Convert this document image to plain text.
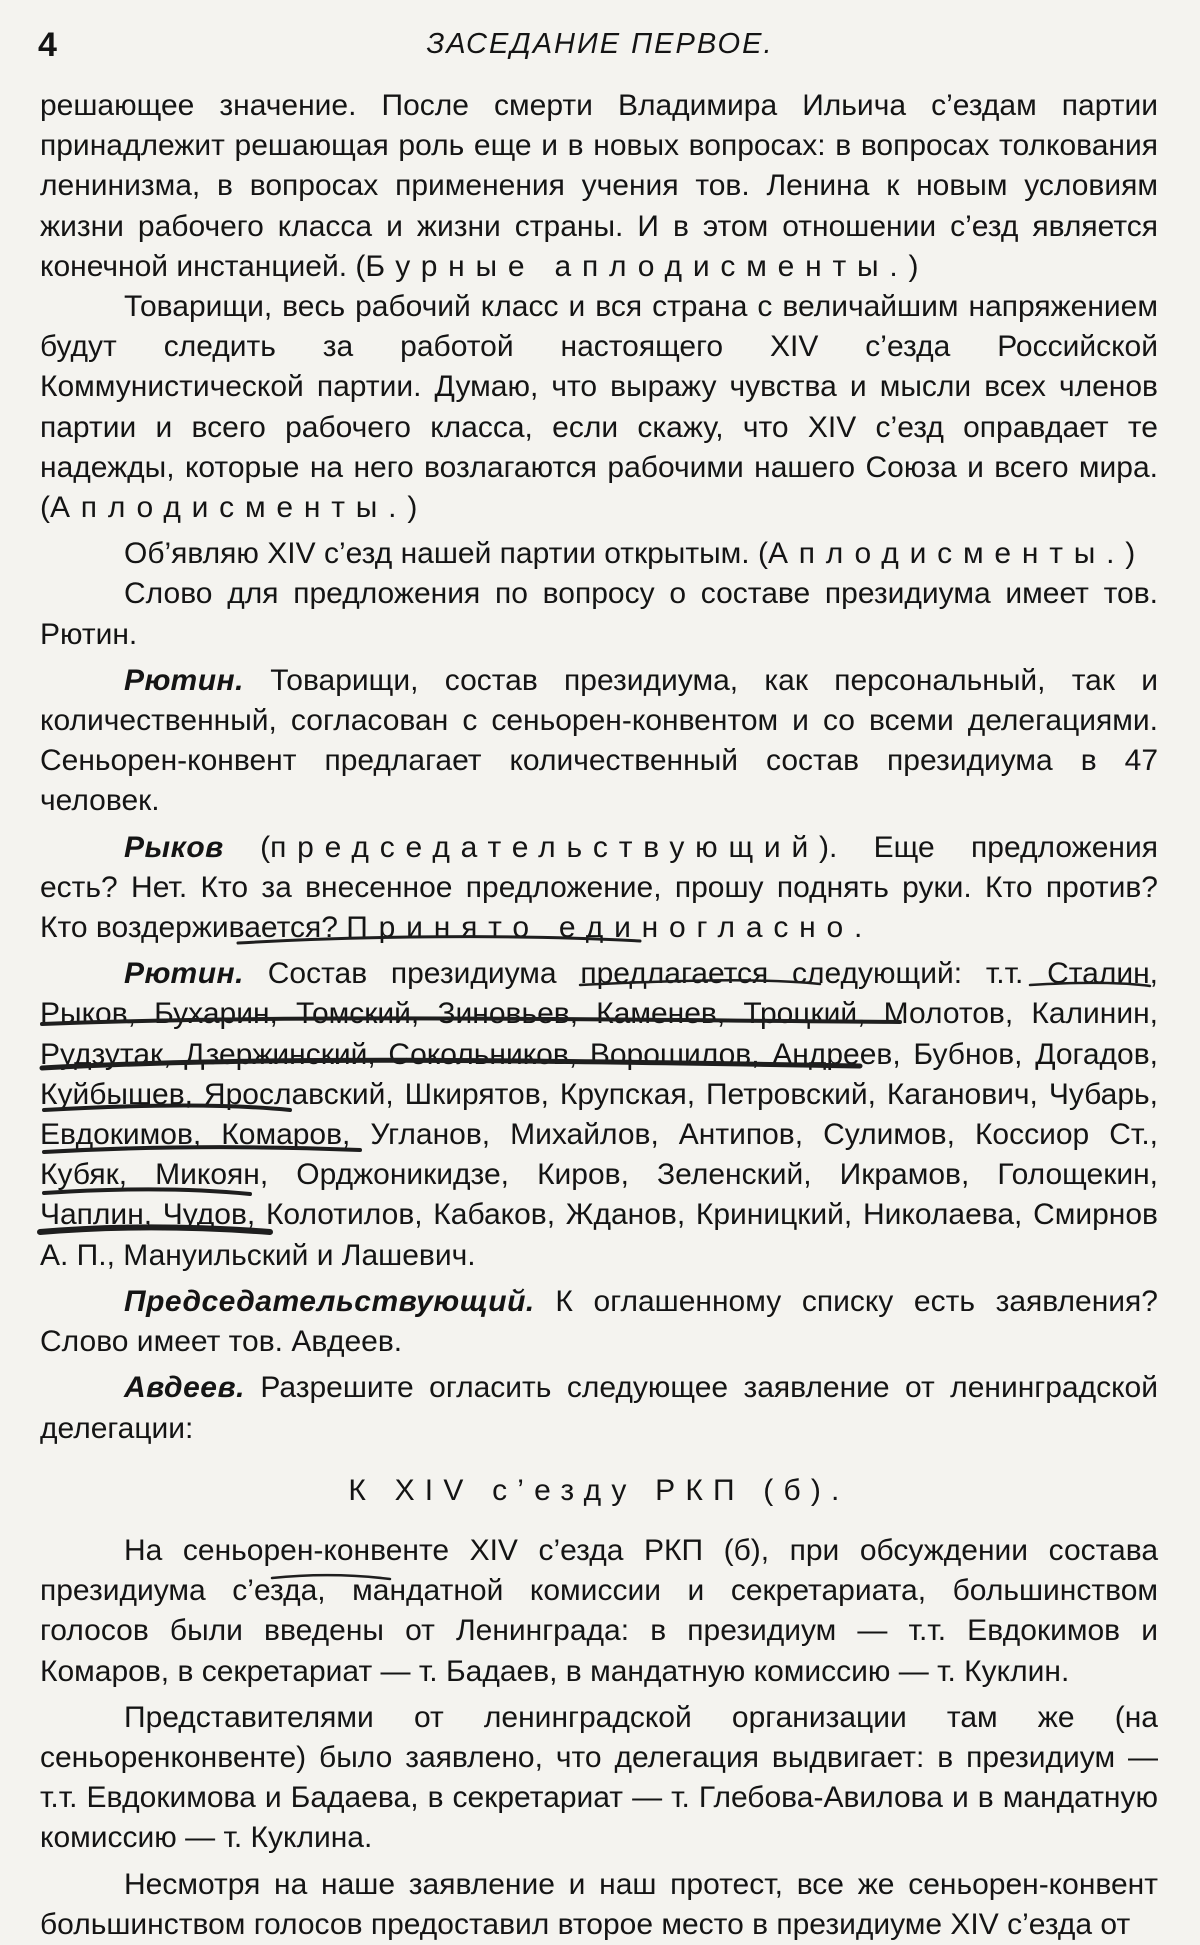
4	ЗАСЕДАНИЕ ПЕРВОЕ.

решающее значение. После смерти Владимира Ильича с’ездам партии принадлежит решающая роль еще и в новых вопросах: в вопросах толкования ленинизма, в вопросах применения учения тов. Ленина к новым условиям жизни рабочего класса и жизни страны. И в этом отношении с’езд является конечной инстанцией. (Бурные аплодисменты.)

Товарищи, весь рабочий класс и вся страна с величайшим напряжением будут следить за работой настоящего XIV с’езда Российской Коммунистической партии. Думаю, что выражу чувства и мысли всех членов партии и всего рабочего класса, если скажу, что XIV с’езд оправдает те надежды, которые на него возлагаются рабочими нашего Союза и всего мира. (Аплодисменты.)

Об’являю XIV с’езд нашей партии открытым. (Аплодисменты.)

Слово для предложения по вопросу о составе президиума имеет тов. Рютин.

Рютин. Товарищи, состав президиума, как персональный, так и количественный, согласован с сеньорен-конвентом и со всеми делегациями. Сеньорен-конвент предлагает количественный состав президиума в 47 человек.

Рыков (председательствующий). Еще предложения есть? Нет. Кто за внесенное предложение, прошу поднять руки. Кто против? Кто воздерживается? Принято единогласно.

Рютин. Состав президиума предлагается следующий: т.т. Сталин, Рыков, Бухарин, Томский, Зиновьев, Каменев, Троцкий, Молотов, Калинин, Рудзутак, Дзержинский, Сокольников, Ворошилов, Андреев, Бубнов, Догадов, Куйбышев, Ярославский, Шкирятов, Крупская, Петровский, Каганович, Чубарь, Евдокимов, Комаров, Угланов, Михайлов, Антипов, Сулимов, Коссиор Ст., Кубяк, Микоян, Орджоникидзе, Киров, Зеленский, Икрамов, Голощекин, Чаплин, Чудов, Колотилов, Кабаков, Жданов, Криницкий, Николаева, Смирнов А. П., Мануильский и Лашевич.

Председательствующий. К оглашенному списку есть заявления? Слово имеет тов. Авдеев.

Авдеев. Разрешите огласить следующее заявление от ленинградской делегации:

К XIV с’езду РКП (б).

На сеньорен-конвенте XIV с’езда РКП (б), при обсуждении состава президиума с’езда, мандатной комиссии и секретариата, большинством голосов были введены от Ленинграда: в президиум — т.т. Евдокимов и Комаров, в секретариат — т. Бадаев, в мандатную комиссию — т. Куклин.

Представителями от ленинградской организации там же (на сеньоренконвенте) было заявлено, что делегация выдвигает: в президиум — т.т. Евдокимова и Бадаева, в секретариат — т. Глебова-Авилова и в мандатную комиссию — т. Куклина.

Несмотря на наше заявление и наш протест, все же сеньорен-конвент большинством голосов предоставил второе место в президиуме XIV с’езда от
